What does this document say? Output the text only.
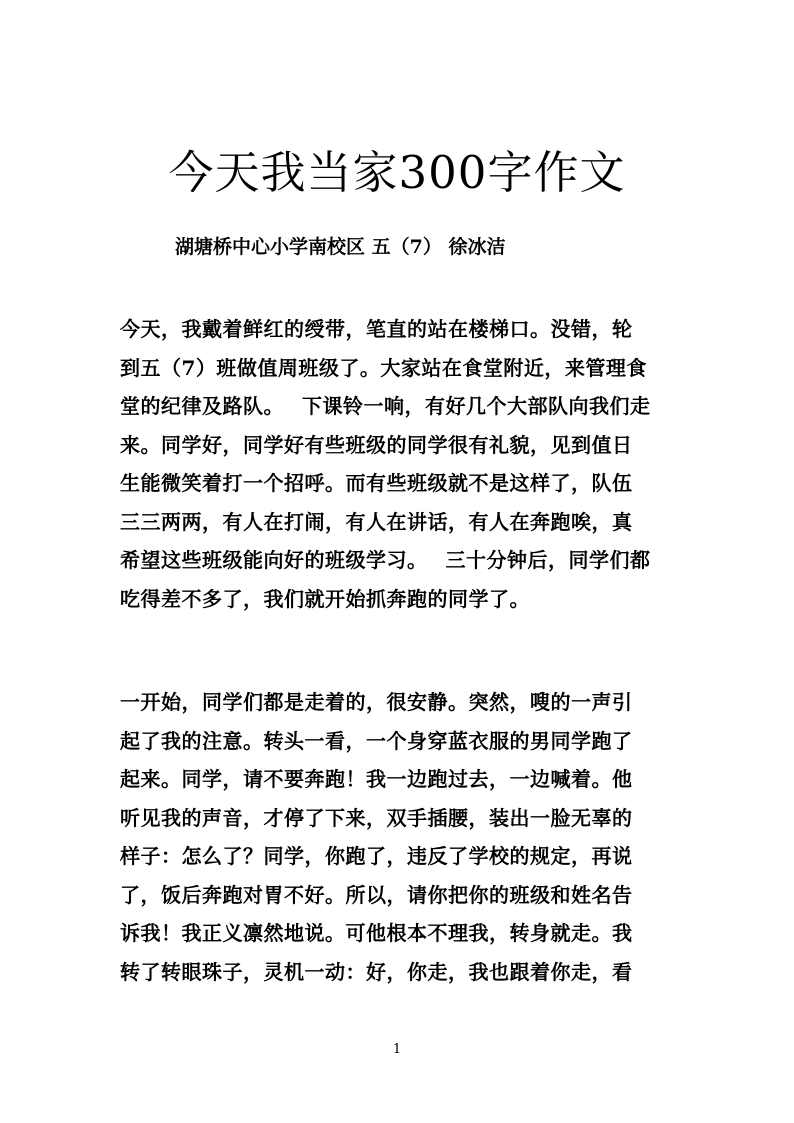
今天我当家300字作文
湖塘桥中心小学南校区 五（7） 徐冰洁
今天，我戴着鲜红的绶带，笔直的站在楼梯口。没错，轮
到五（7）班做值周班级了。大家站在食堂附近，来管理食
堂的纪律及路队。　 下课铃一响，有好几个大部队向我们走
来。同学好，同学好有些班级的同学很有礼貌，见到值日
生能微笑着打一个招呼。而有些班级就不是这样了，队伍
三三两两，有人在打闹，有人在讲话，有人在奔跑唉，真
希望这些班级能向好的班级学习。　 三十分钟后，同学们都
吃得差不多了，我们就开始抓奔跑的同学了。
一开始，同学们都是走着的，很安静。突然，嗖的一声引
起了我的注意。转头一看，一个身穿蓝衣服的男同学跑了
起来。同学，请不要奔跑！我一边跑过去，一边喊着。他
听见我的声音，才停了下来，双手插腰，装出一脸无辜的
样子：怎么了？同学，你跑了，违反了学校的规定，再说
了，饭后奔跑对胃不好。所以，请你把你的班级和姓名告
诉我！我正义凛然地说。可他根本不理我，转身就走。我
转了转眼珠子，灵机一动：好，你走，我也跟着你走，看
1
